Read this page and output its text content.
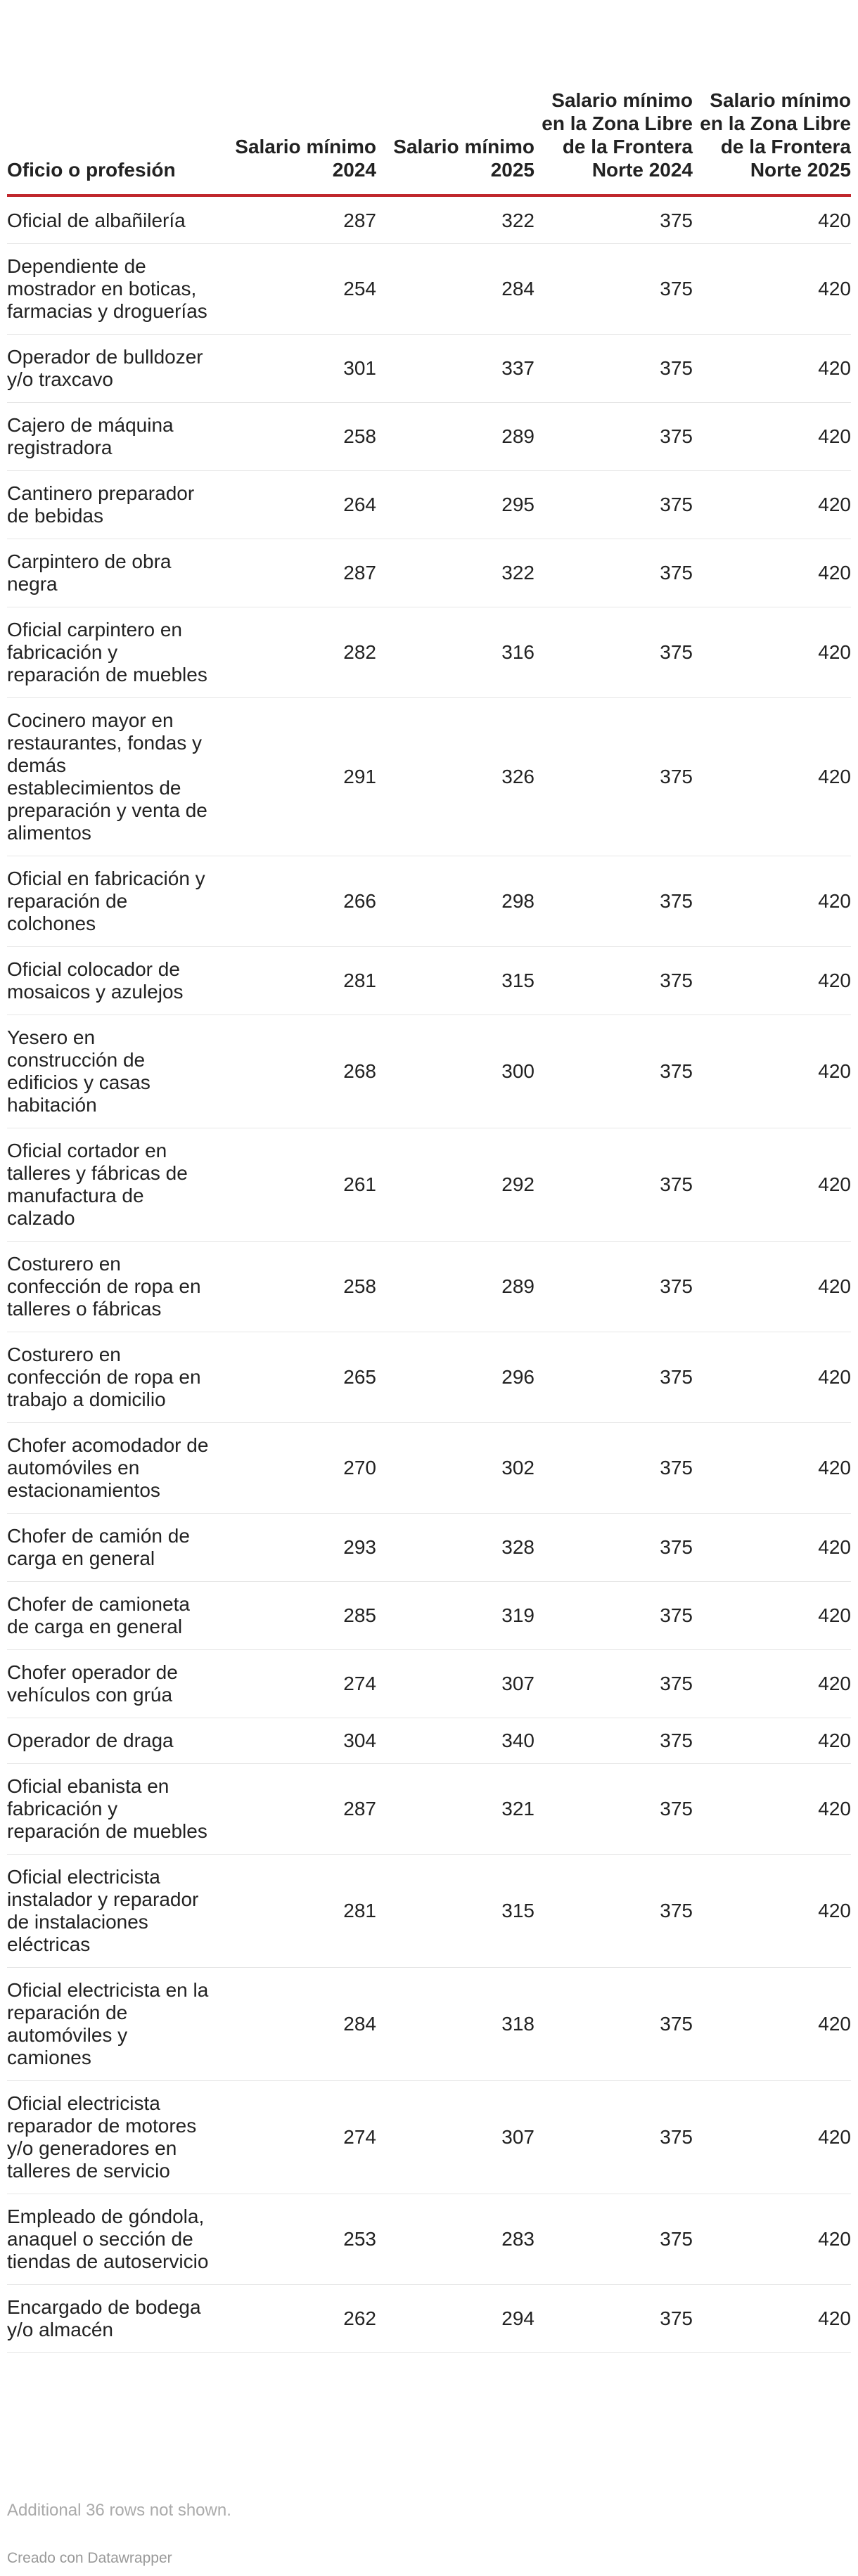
Oficio o profesión	Salario mínimo 2024	Salario mínimo 2025	Salario mínimo en la Zona Libre de la Frontera Norte 2024	Salario mínimo en la Zona Libre de la Frontera Norte 2025
Oficial de albañilería	287	322	375	420
Dependiente de mostrador en boticas, farmacias y droguerías	254	284	375	420
Operador de bulldozer y/o traxcavo	301	337	375	420
Cajero de máquina registradora	258	289	375	420
Cantinero preparador de bebidas	264	295	375	420
Carpintero de obra negra	287	322	375	420
Oficial carpintero en fabricación y reparación de muebles	282	316	375	420
Cocinero mayor en restaurantes, fondas y demás establecimientos de preparación y venta de alimentos	291	326	375	420
Oficial en fabricación y reparación de colchones	266	298	375	420
Oficial colocador de mosaicos y azulejos	281	315	375	420
Yesero en construcción de edificios y casas habitación	268	300	375	420
Oficial cortador en talleres y fábricas de manufactura de calzado	261	292	375	420
Costurero en confección de ropa en talleres o fábricas	258	289	375	420
Costurero en confección de ropa en trabajo a domicilio	265	296	375	420
Chofer acomodador de automóviles en estacionamientos	270	302	375	420
Chofer de camión de carga en general	293	328	375	420
Chofer de camioneta de carga en general	285	319	375	420
Chofer operador de vehículos con grúa	274	307	375	420
Operador de draga	304	340	375	420
Oficial ebanista en fabricación y reparación de muebles	287	321	375	420
Oficial electricista instalador y reparador de instalaciones eléctricas	281	315	375	420
Oficial electricista en la reparación de automóviles y camiones	284	318	375	420
Oficial electricista reparador de motores y/o generadores en talleres de servicio	274	307	375	420
Empleado de góndola, anaquel o sección de tiendas de autoservicio	253	283	375	420
Encargado de bodega y/o almacén	262	294	375	420
Additional 36 rows not shown.
Creado con Datawrapper
